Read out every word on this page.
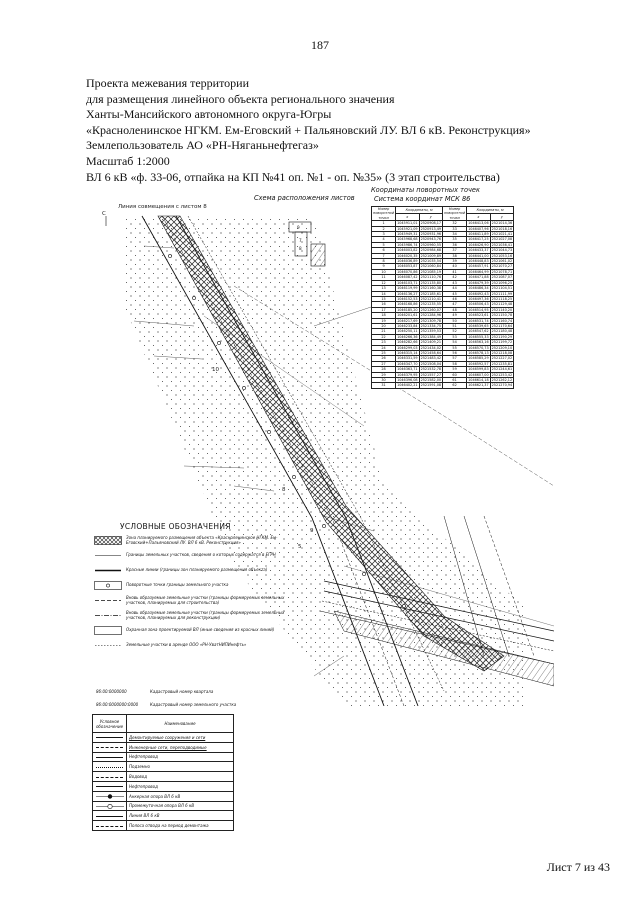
187
Проекта межевания территории
для размещения линейного объекта регионального значения
Ханты-Мансийского автономного округа-Югры
«Красноленинское НГКМ. Ем-Еговский + Пальяновский ЛУ. ВЛ 6 кВ. Реконструкция»
Землепользователь АО «РН-Няганьнефтегаз»
Масштаб 1:2000
ВЛ 6 кВ «ф. 33-06, отпайка на КП №41 оп. №1 - оп. №35» (3 этап строительства)
Линия совмещения с листом 8
С
10
9
8
5
9
7
8
Схема расположения листов
Координаты поворотных точек
Система координат МСК 86
Номер поворотной точки	Координаты, м		Номер поворотной точки	Координаты, м	
	x	y		x	y
1	1045911,01	2520908,17	32	1046413,06	2521014,36
2	1045921,09	2520913,49	33	1046407,96	2521018,16
3	1045949,31	2520931,96	34	1046411,89	2521021,41
4	1045968,68	2520943,76	35	1046417,25	2521027,08
5	1045986,74	2520960,55	36	1046426,90	2521036,41
6	1046003,82	2520984,68	37	1046433,37	2521044,73
7	1046020,35	2521009,89	38	1046441,00	2521053,16
8	1046036,89	2521035,54	39	1046448,83	2521061,02
9	1046053,87	2521060,84	40	1046457,91	2521070,27
10	1046070,86	2521085,19	41	1046464,99	2521078,71
11	1046087,42	2521110,76	42	1046471,88	2521087,07
12	1046103,71	2521135,80	43	1046479,39	2521096,25
13	1046119,99	2521160,38	44	1046486,34	2521104,51
14	1046136,27	2521185,61	45	1046492,43	2521111,99
15	1046152,53	2521210,41	46	1046497,36	2521118,25
16	1046168,86	2521235,55	47	1046506,43	2521129,48
17	1046185,20	2521260,07	48	1046514,95	2521140,20
18	1046201,61	2521284,96	49	1046523,61	2521150,78
19	1046217,69	2521309,78	50	1046531,74	2521160,74
20	1046233,84	2521334,75	51	1046539,65	2521170,64
21	1046250,11	2521359,53	52	1046547,62	2521180,48
22	1046266,36	2521384,49	53	1046555,33	2521190,29
23	1046282,66	2521409,21	54	1046563,16	2521199,72
24	1046299,03	2521434,02	55	1046570,73	2521209,10
25	1046315,14	2521458,64	56	1046578,13	2521218,08
26	1046331,59	2521483,42	57	1046585,29	2521227,02
27	1046347,70	2521508,04	58	1046592,57	2521235,81
28	1046363,71	2521532,78	59	1046599,83	2521244,61
29	1046379,95	2521557,27	60	1046607,00	2521253,42
30	1046396,08	2521582,00	61	1046614,18	2521262,12
31	1046402,21	2521591,08	62	1046621,37	2521270,94
УСЛОВНЫЕ ОБОЗНАЧЕНИЯ
Зона планируемого размещения объекта «Красноленинское НГКМ. Ем-Еговский+Пальяновский ЛУ. ВЛ 6 кВ. Реконструкция»
Границы земельных участков, сведения о которых содержатся в ЕГРН
Красные линии (границы зон планируемого размещения объекта)
Поворотные точки границы земельного участка
Вновь образуемые земельные участки (границы формируемых земельных участков, планируемых для строительства)
Вновь образуемые земельные участки (границы формируемых земельных участков, планируемых для реконструкции)
Охранная зона проектируемой ВЛ (иные сведения из красных линий)
Земельные участки в аренде ООО «РН-УватНИПИнефть»
86:00:0000000	Кадастровый номер квартала
86:00:0000000:0000	Кадастровый номер земельного участка
Условное обозначение	Наименование

	Демонтируемые сооружения и сети

	Инженерные сети, переподводимые

	Нефтепровод

	Подземно

	Водовод

	Нефтепровод

	Анкерная опора ВЛ 6 кВ

	Промежуточная опора ВЛ 6 кВ

	Линия ВЛ 6 кВ

	Полоса отвода на период демонтажа
Лист 7 из 43
